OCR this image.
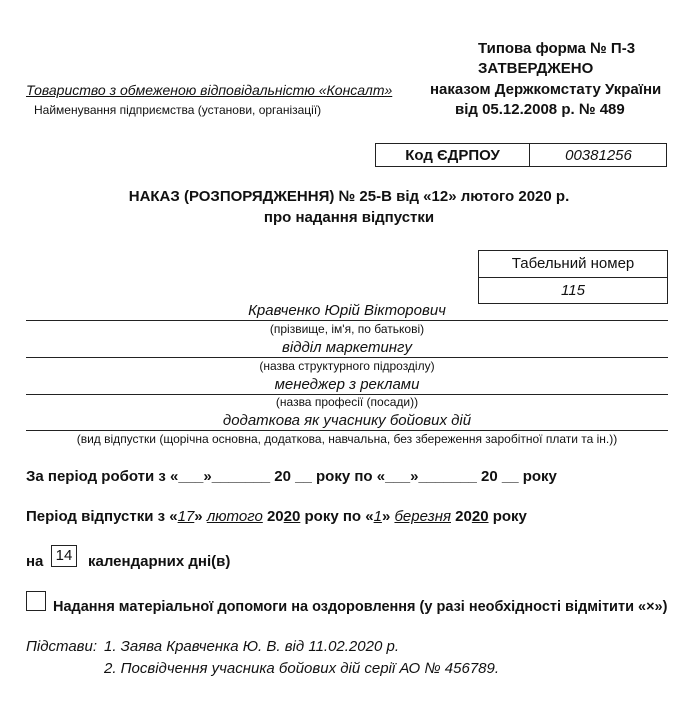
Типова форма № П-3
ЗАТВЕРДЖЕНО
наказом Держкомстату України
від 05.12.2008 р. № 489
Товариство з обмеженою відповідальністю «Консалт»
Найменування підприємства (установи, організації)
Код ЄДРПОУ	00381256
НАКАЗ (РОЗПОРЯДЖЕННЯ) № 25-В від «12» лютого 2020 р.
про надання відпустки
Табельний номер
115
Кравченко Юрій Вікторович
(прізвище, ім'я, по батькові)
відділ маркетингу
(назва структурного підрозділу)
менеджер з реклами
(назва професії (посади))
додаткова як учаснику бойових дій
(вид відпустки (щорічна основна, додаткова, навчальна, без збереження заробітної плати та ін.))
За період роботи з «___»_______ 20 __ року по «___»_______ 20 __ року
Період відпустки з «17» лютого 2020 року по «1» березня 2020 року
на 14	календарних дні(в)
Надання матеріальної допомоги на оздоровлення (у разі необхідності відмітити «×»)
Підстави: 1. Заява Кравченка Ю. В. від 11.02.2020 р.
2. Посвідчення учасника бойових дій серії АО № 456789.
